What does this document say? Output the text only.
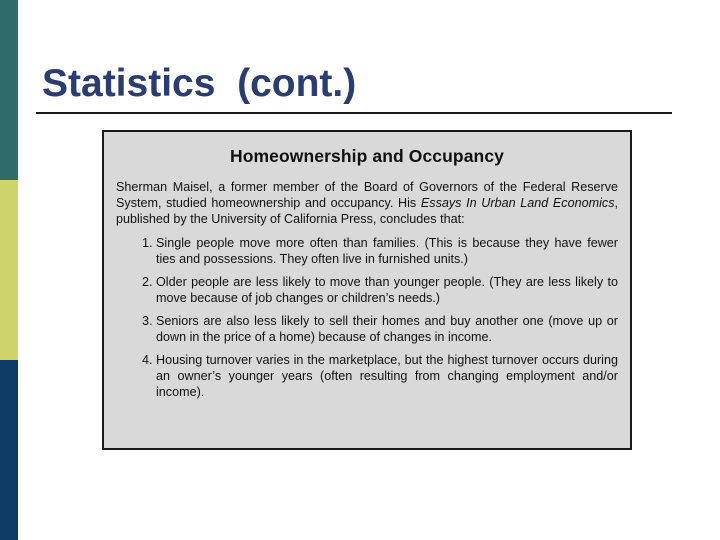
Statistics  (cont.)
Homeownership and Occupancy

Sherman Maisel, a former member of the Board of Governors of the Federal Reserve System, studied homeownership and occupancy. His Essays In Urban Land Economics, published by the University of California Press, concludes that:

1. Single people move more often than families. (This is because they have fewer ties and possessions. They often live in furnished units.)
2. Older people are less likely to move than younger people. (They are less likely to move because of job changes or children’s needs.)
3. Seniors are also less likely to sell their homes and buy another one (move up or down in the price of a home) because of changes in income.
4. Housing turnover varies in the marketplace, but the highest turnover occurs during an owner’s younger years (often resulting from changing employment and/or income).
